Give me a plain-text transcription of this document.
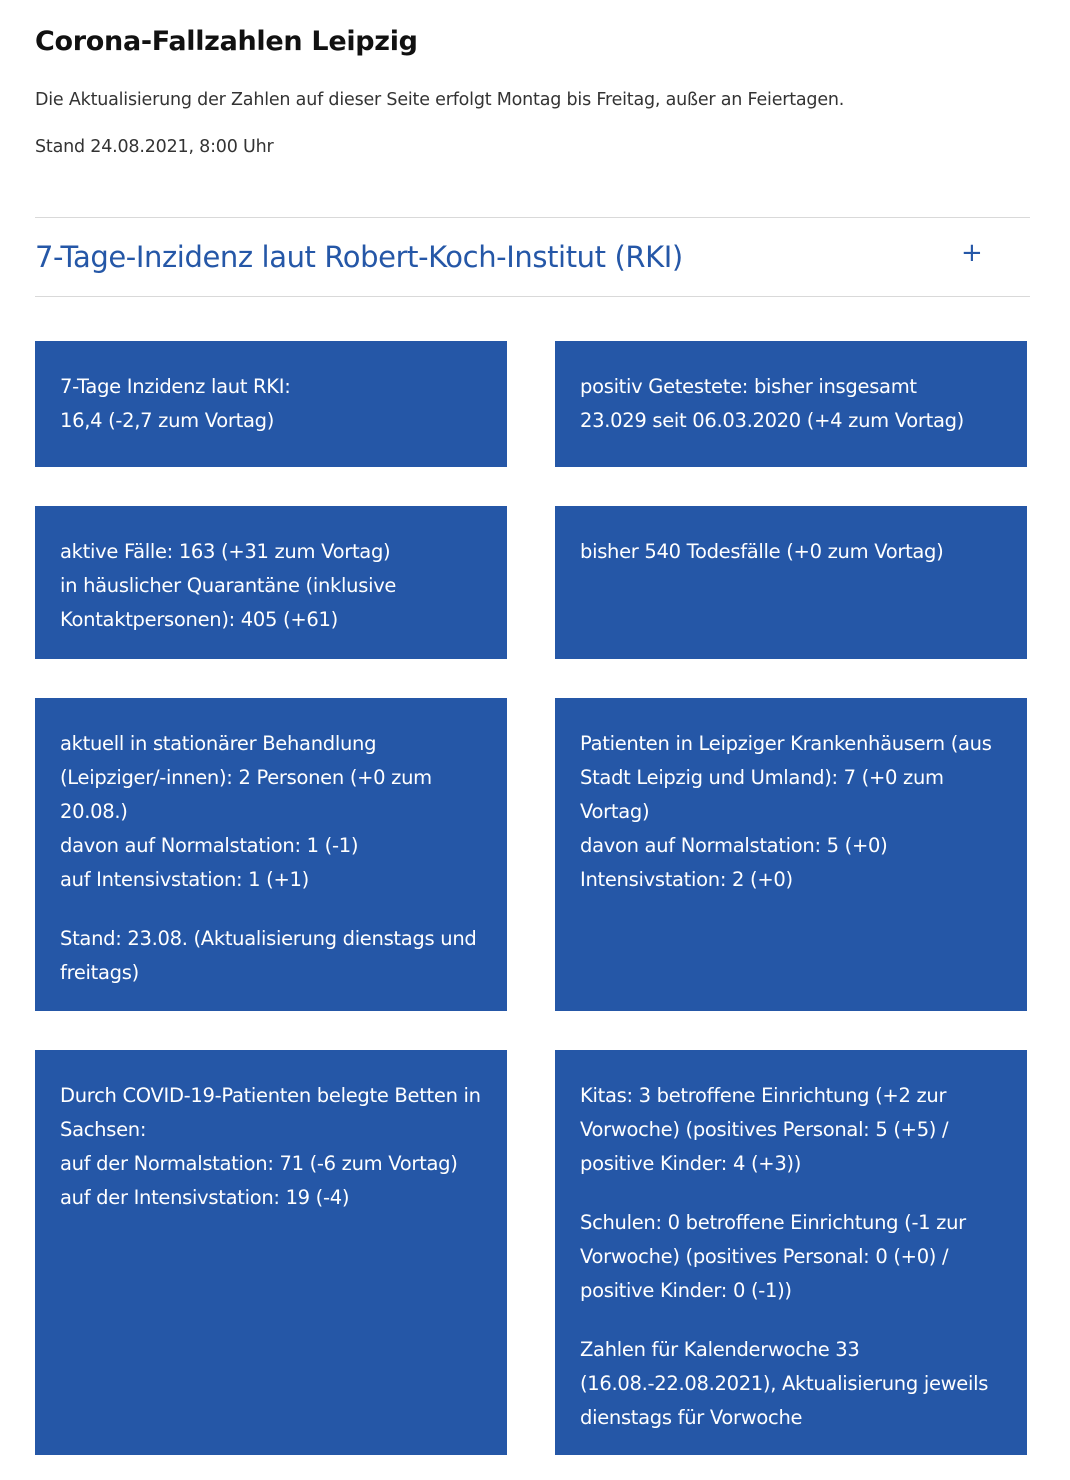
Corona-Fallzahlen Leipzig

Die Aktualisierung der Zahlen auf dieser Seite erfolgt Montag bis Freitag, außer an Feiertagen.

Stand 24.08.2021, 8:00 Uhr

7-Tage-Inzidenz laut Robert-Koch-Institut (RKI)	+

7-Tage Inzidenz laut RKI:
16,4 (-2,7 zum Vortag)

positiv Getestete: bisher insgesamt
23.029 seit 06.03.2020 (+4 zum Vortag)

aktive Fälle: 163 (+31 zum Vortag)
in häuslicher Quarantäne (inklusive Kontaktpersonen): 405 (+61)

bisher 540 Todesfälle (+0 zum Vortag)

aktuell in stationärer Behandlung (Leipziger/-innen): 2 Personen (+0 zum 20.08.)
davon auf Normalstation: 1 (-1)
auf Intensivstation: 1 (+1)

Stand: 23.08. (Aktualisierung dienstags und freitags)

Patienten in Leipziger Krankenhäusern (aus Stadt Leipzig und Umland): 7 (+0 zum Vortag)
davon auf Normalstation: 5 (+0)
Intensivstation: 2 (+0)

Durch COVID-19-Patienten belegte Betten in Sachsen:
auf der Normalstation: 71 (-6 zum Vortag)
auf der Intensivstation: 19 (-4)

Kitas: 3 betroffene Einrichtung (+2 zur Vorwoche) (positives Personal: 5 (+5) / positive Kinder: 4 (+3))

Schulen: 0 betroffene Einrichtung (-1 zur Vorwoche) (positives Personal: 0 (+0) / positive Kinder: 0 (-1))

Zahlen für Kalenderwoche 33 (16.08.-22.08.2021), Aktualisierung jeweils dienstags für Vorwoche
